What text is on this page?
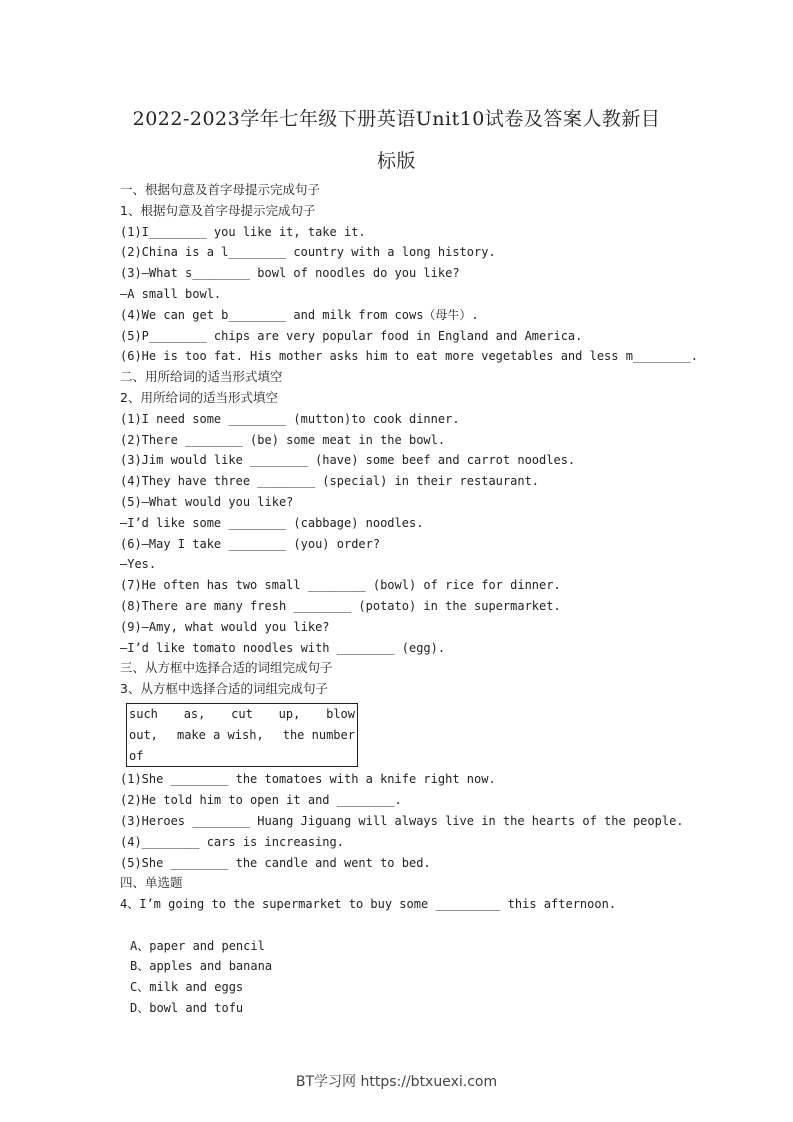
2022-2023学年七年级下册英语Unit10试卷及答案人教新目
标版
一、根据句意及首字母提示完成句子
1、根据句意及首字母提示完成句子
(1)I________ you like it, take it.
(2)China is a l________ country with a long history.
(3)—What s________ bowl of noodles do you like?
—A small bowl.
(4)We can get b________ and milk from cows（母牛）.
(5)P________ chips are very popular food in England and America.
(6)He is too fat. His mother asks him to eat more vegetables and less m________.
二、用所给词的适当形式填空
2、用所给词的适当形式填空
(1)I need some ________ (mutton)to cook dinner.
(2)There ________ (be) some meat in the bowl.
(3)Jim would like ________ (have) some beef and carrot noodles.
(4)They have three ________ (special) in their restaurant.
(5)—What would you like?
—I’d like some ________ (cabbage) noodles.
(6)—May I take ________ (you) order?
—Yes.
(7)He often has two small ________ (bowl) of rice for dinner.
(8)There are many fresh ________ (potato) in the supermarket.
(9)—Amy, what would you like?
—I’d like tomato noodles with ________ (egg).
三、从方框中选择合适的词组完成句子
3、从方框中选择合适的词组完成句子
such as, cut up, blow
out, make a wish, the number
of
(1)She ________ the tomatoes with a knife right now.
(2)He told him to open it and ________.
(3)Heroes ________ Huang Jiguang will always live in the hearts of the people.
(4)________ cars is increasing.
(5)She ________ the candle and went to bed.
四、单选题
4、I’m going to the supermarket to buy some _________ this afternoon.
A、paper and pencil
B、apples and banana
C、milk and eggs
D、bowl and tofu
BT学习网 https://btxuexi.com
